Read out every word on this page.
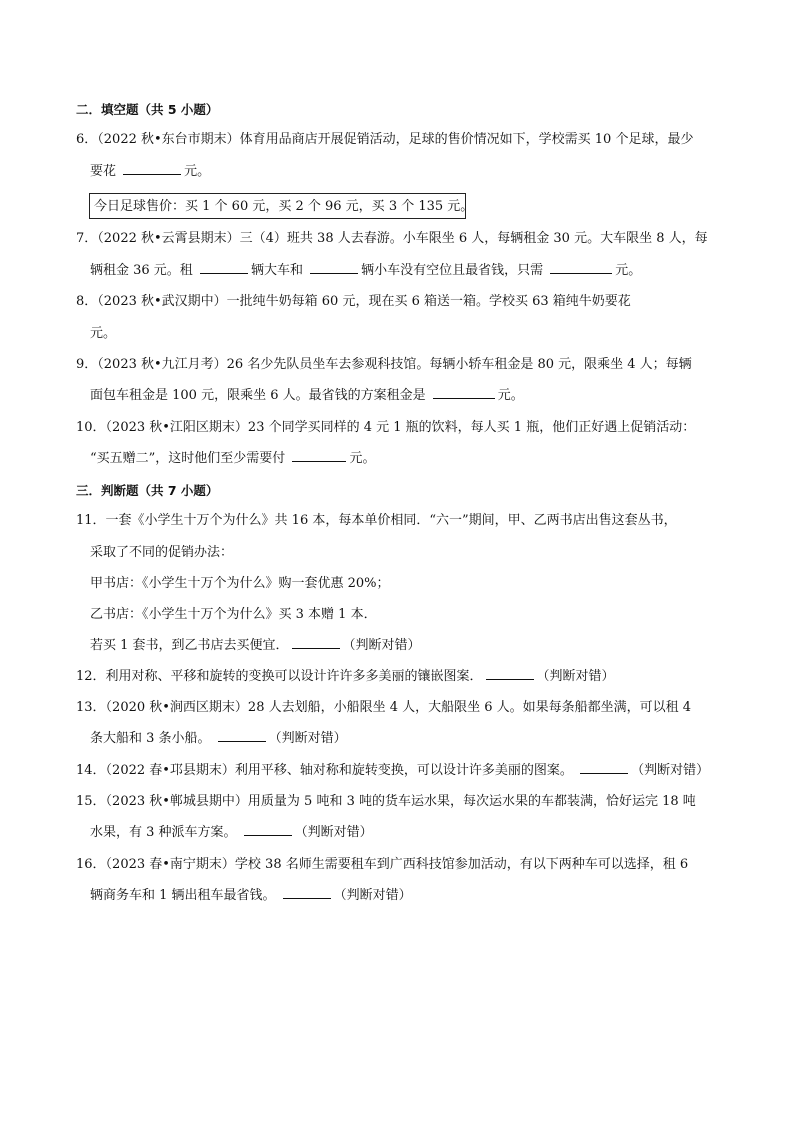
二．填空题（共 5 小题）
6．（2022 秋•东台市期末）体育用品商店开展促销活动，足球的售价情况如下，学校需买 10 个足球，最少
要花	元。
今日足球售价：买 1 个 60 元，买 2 个 96 元，买 3 个 135 元。
7．（2022 秋•云霄县期末）三（4）班共 38 人去春游。小车限坐 6 人，每辆租金 30 元。大车限坐 8 人，每
辆租金 36 元。租	辆大车和	辆小车没有空位且最省钱，只需	元。
8．（2023 秋•武汉期中）一批纯牛奶每箱 60 元，现在买 6 箱送一箱。学校买 63 箱纯牛奶要花
元。
9．（2023 秋•九江月考）26 名少先队员坐车去参观科技馆。每辆小轿车租金是 80 元，限乘坐 4 人；每辆
面包车租金是 100 元，限乘坐 6 人。最省钱的方案租金是	元。
10．（2023 秋•江阳区期末）23 个同学买同样的 4 元 1 瓶的饮料，每人买 1 瓶，他们正好遇上促销活动：
“买五赠二”，这时他们至少需要付	元。
三．判断题（共 7 小题）
11．一套《小学生十万个为什么》共 16 本，每本单价相同．“六一”期间，甲、乙两书店出售这套丛书，
采取了不同的促销办法：
甲书店：《小学生十万个为什么》购一套优惠 20%；
乙书店：《小学生十万个为什么》买 3 本赠 1 本．
若买 1 套书，到乙书店去买便宜．	（判断对错）
12．利用对称、平移和旋转的变换可以设计许许多多美丽的镶嵌图案．	（判断对错）
13．（2020 秋•涧西区期末）28 人去划船，小船限坐 4 人，大船限坐 6 人。如果每条船都坐满，可以租 4
条大船和 3 条小船。	（判断对错）
14．（2022 春•邛县期末）利用平移、轴对称和旋转变换，可以设计许多美丽的图案。	（判断对错）
15．（2023 秋•郸城县期中）用质量为 5 吨和 3 吨的货车运水果，每次运水果的车都装满，恰好运完 18 吨
水果，有 3 种派车方案。	（判断对错）
16．（2023 春•南宁期末）学校 38 名师生需要租车到广西科技馆参加活动，有以下两种车可以选择，租 6
辆商务车和 1 辆出租车最省钱。	（判断对错）
